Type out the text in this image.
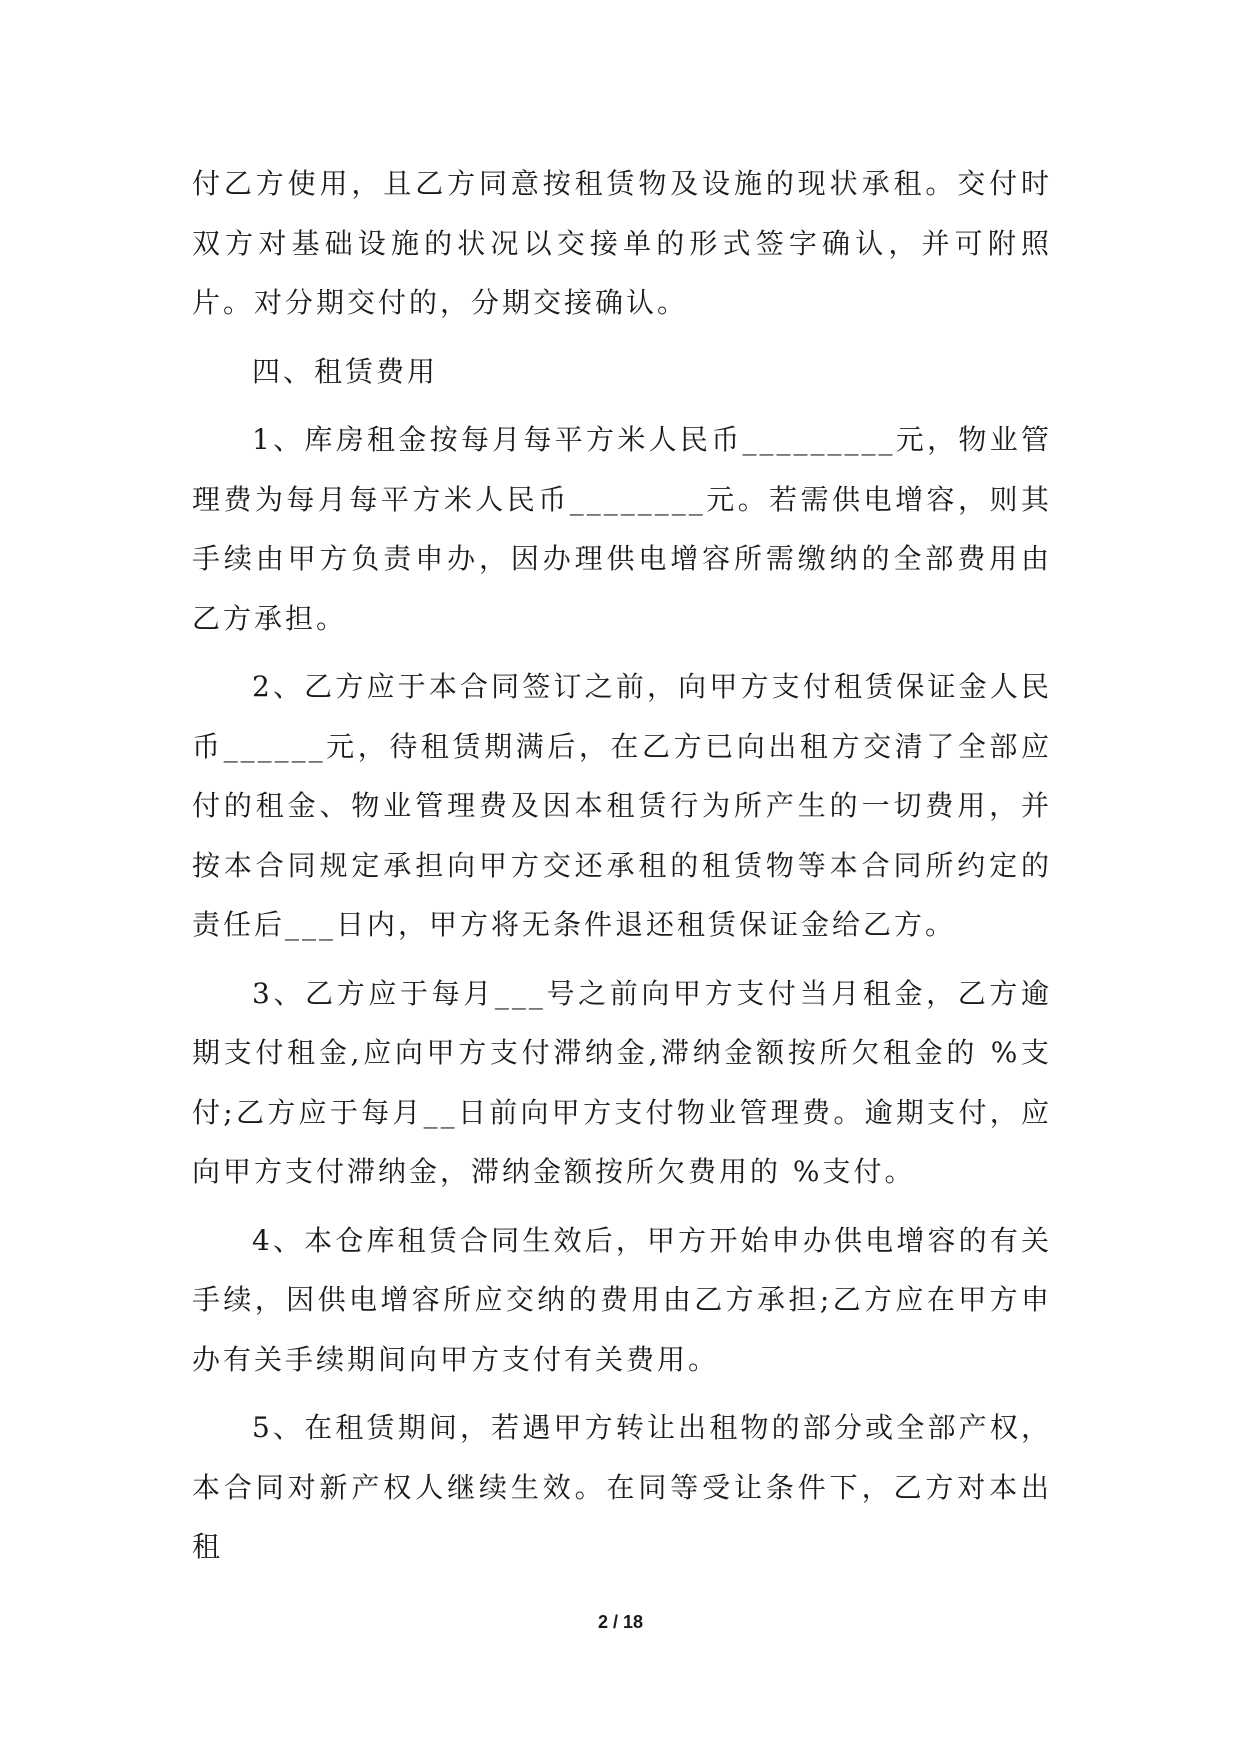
付乙方使用，且乙方同意按租赁物及设施的现状承租。交付时双方对基础设施的状况以交接单的形式签字确认，并可附照片。对分期交付的，分期交接确认。

四、租赁费用

1、库房租金按每月每平方米人民币_________元，物业管理费为每月每平方米人民币________元。若需供电增容，则其手续由甲方负责申办，因办理供电增容所需缴纳的全部费用由乙方承担。

2、乙方应于本合同签订之前，向甲方支付租赁保证金人民币______元，待租赁期满后，在乙方已向出租方交清了全部应付的租金、物业管理费及因本租赁行为所产生的一切费用，并按本合同规定承担向甲方交还承租的租赁物等本合同所约定的责任后___日内，甲方将无条件退还租赁保证金给乙方。

3、乙方应于每月___号之前向甲方支付当月租金，乙方逾期支付租金,应向甲方支付滞纳金,滞纳金额按所欠租金的 %支付;乙方应于每月__日前向甲方支付物业管理费。逾期支付，应向甲方支付滞纳金，滞纳金额按所欠费用的 %支付。

4、本仓库租赁合同生效后，甲方开始申办供电增容的有关手续，因供电增容所应交纳的费用由乙方承担;乙方应在甲方申办有关手续期间向甲方支付有关费用。

5、在租赁期间，若遇甲方转让出租物的部分或全部产权，本合同对新产权人继续生效。在同等受让条件下，乙方对本出租

2 / 18
